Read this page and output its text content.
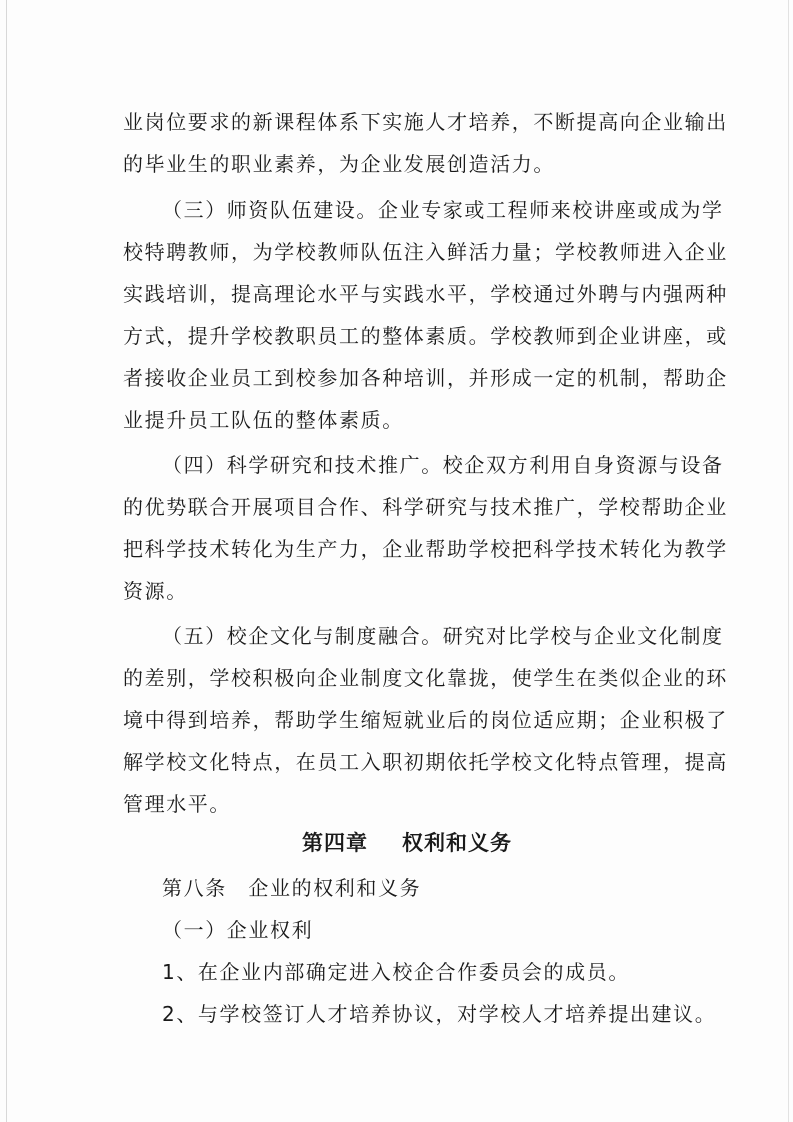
业岗位要求的新课程体系下实施人才培养，不断提高向企业输出
的毕业生的职业素养，为企业发展创造活力。
（三）师资队伍建设。企业专家或工程师来校讲座或成为学
校特聘教师，为学校教师队伍注入鲜活力量；学校教师进入企业
实践培训，提高理论水平与实践水平，学校通过外聘与内强两种
方式，提升学校教职员工的整体素质。学校教师到企业讲座，或
者接收企业员工到校参加各种培训，并形成一定的机制，帮助企
业提升员工队伍的整体素质。
（四）科学研究和技术推广。校企双方利用自身资源与设备
的优势联合开展项目合作、科学研究与技术推广，学校帮助企业
把科学技术转化为生产力，企业帮助学校把科学技术转化为教学
资源。
（五）校企文化与制度融合。研究对比学校与企业文化制度
的差别，学校积极向企业制度文化靠拢，使学生在类似企业的环
境中得到培养，帮助学生缩短就业后的岗位适应期；企业积极了
解学校文化特点，在员工入职初期依托学校文化特点管理，提高
管理水平。
第四章 权利和义务
第八条　企业的权利和义务
（一）企业权利
1、在企业内部确定进入校企合作委员会的成员。
2、与学校签订人才培养协议，对学校人才培养提出建议。
